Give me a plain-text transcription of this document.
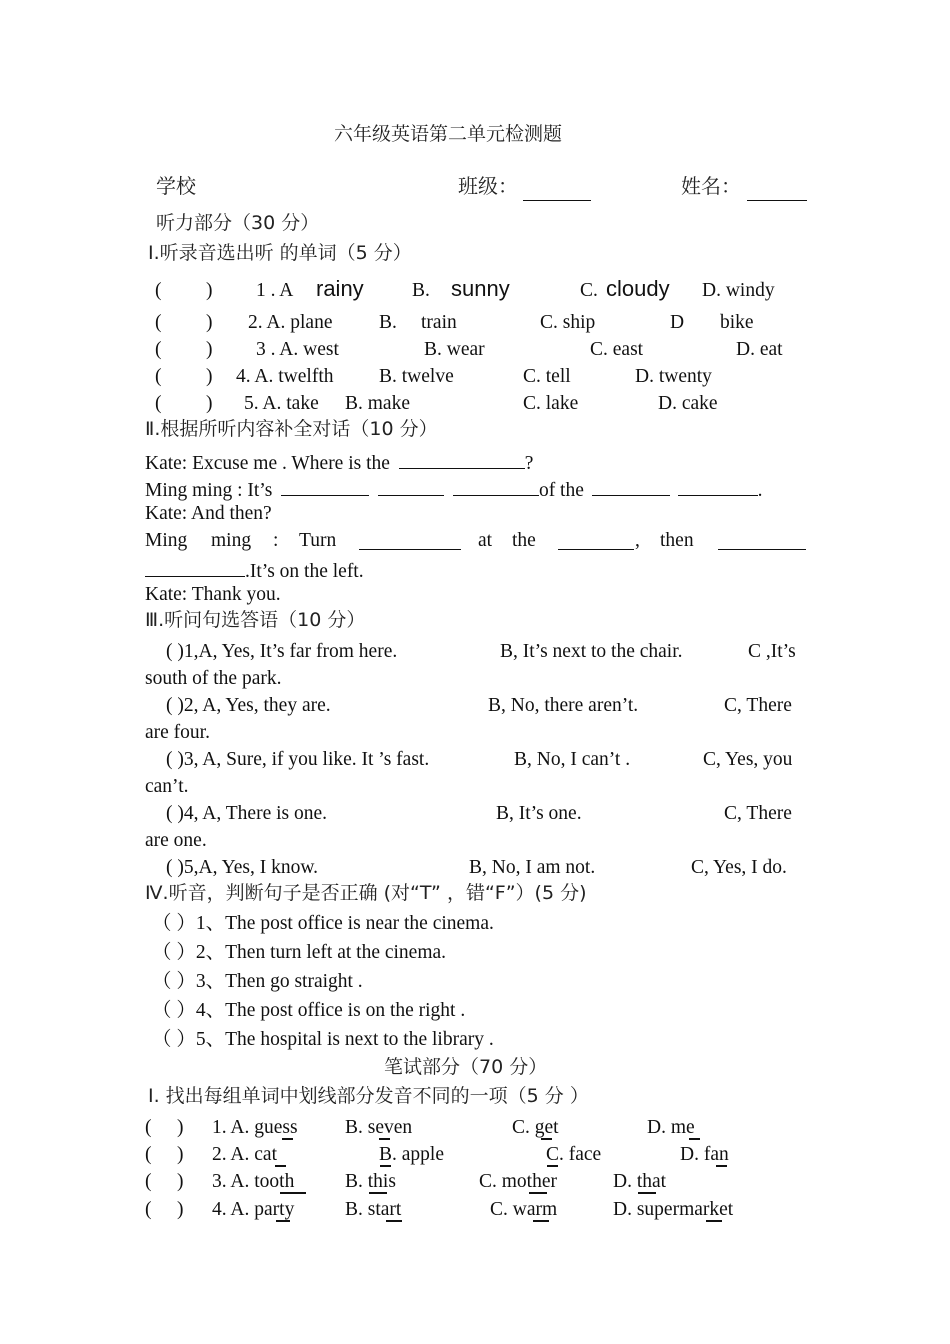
六年级英语第二单元检测题
学校	班级：	姓名：
听力部分（30 分）
Ⅰ.听录音选出听 的单词（5 分）
( ) 1 . A rainy B. sunny	C. cloudy D. windy
( ) 2. A. plane B. train	C. ship	D bike
( ) 3 . A. west	B. wear	C. east	D. eat
( ) 4. A. twelfth B. twelve	C. tell	D. twenty
( ) 5. A. take B. make	C. lake	D. cake
Ⅱ.根据所听内容补全对话（10 分）
Kate: Excuse me . Where is the	?
Ming ming : It’s	of the	.
Kate: And then?
Ming ming : Turn	at the	, then
.It’s on the left.
Kate: Thank you.
Ⅲ.听问句选答语（10 分）
( )1,A, Yes, It’s far from here.	B, It’s next to the chair.	C ,It’s
south of the park.
( )2, A, Yes, they are.	B, No, there aren’t.	C, There
are four.
( )3, A, Sure, if you like. It ’s fast.	B, No, I can’t .	C, Yes, you
can’t.
( )4, A, There is one.	B, It’s one.	C, There
are one.
( )5,A, Yes, I know.	B, No, I am not.	C, Yes, I do.
Ⅳ.听音，判断句子是否正确 (对“T” ，错“F”）(5 分)
（ ）1、The post office is near the cinema.
（ ）2、Then turn left at the cinema.
（ ）3、Then go straight .
（ ）4、The post office is on the right .
（ ）5、The hospital is next to the library .
笔试部分（70 分）
Ⅰ. 找出每组单词中划线部分发音不同的一项（5 分 ）
( ) 1. A. guess B. seven	C. get	D. me
( ) 2. A. cat	B. apple	C. face	D. fan
( ) 3. A. tooth	B. this	C. mother	D. that
( ) 4. A. party	B. start	C. warm	D. supermarket
